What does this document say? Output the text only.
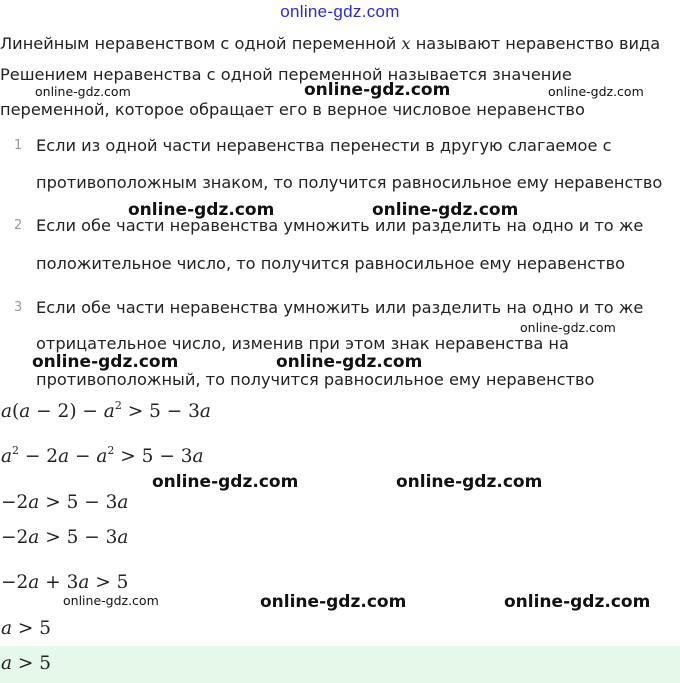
online-gdz.com
Линейным неравенством с одной переменной x называют неравенство вида
Решением неравенства с одной переменной называется значение
переменной, которое обращает его в верное числовое неравенство
1 Если из одной части неравенства перенести в другую слагаемое с
противоположным знаком, то получится равносильное ему неравенство
2 Если обе части неравенства умножить или разделить на одно и то же
положительное число, то получится равносильное ему неравенство
3 Если обе части неравенства умножить или разделить на одно и то же
отрицательное число, изменив при этом знак неравенства на
противоположный, то получится равносильное ему неравенство
$a(a - 2) - a^2 > 5 - 3a$
$a^2 - 2a - a^2 > 5 - 3a$
−2a > 5 − 3a
−2a > 5 − 3a
−2a + 3a > 5
a > 5
a > 5
online-gdz.com
online-gdz.com	online-gdz.com
online-gdz.com	online-gdz.com
online-gdz.com
online-gdz.com	online-gdz.com
online-gdz.com	online-gdz.com
online-gdz.com	online-gdz.com	online-gdz.com
